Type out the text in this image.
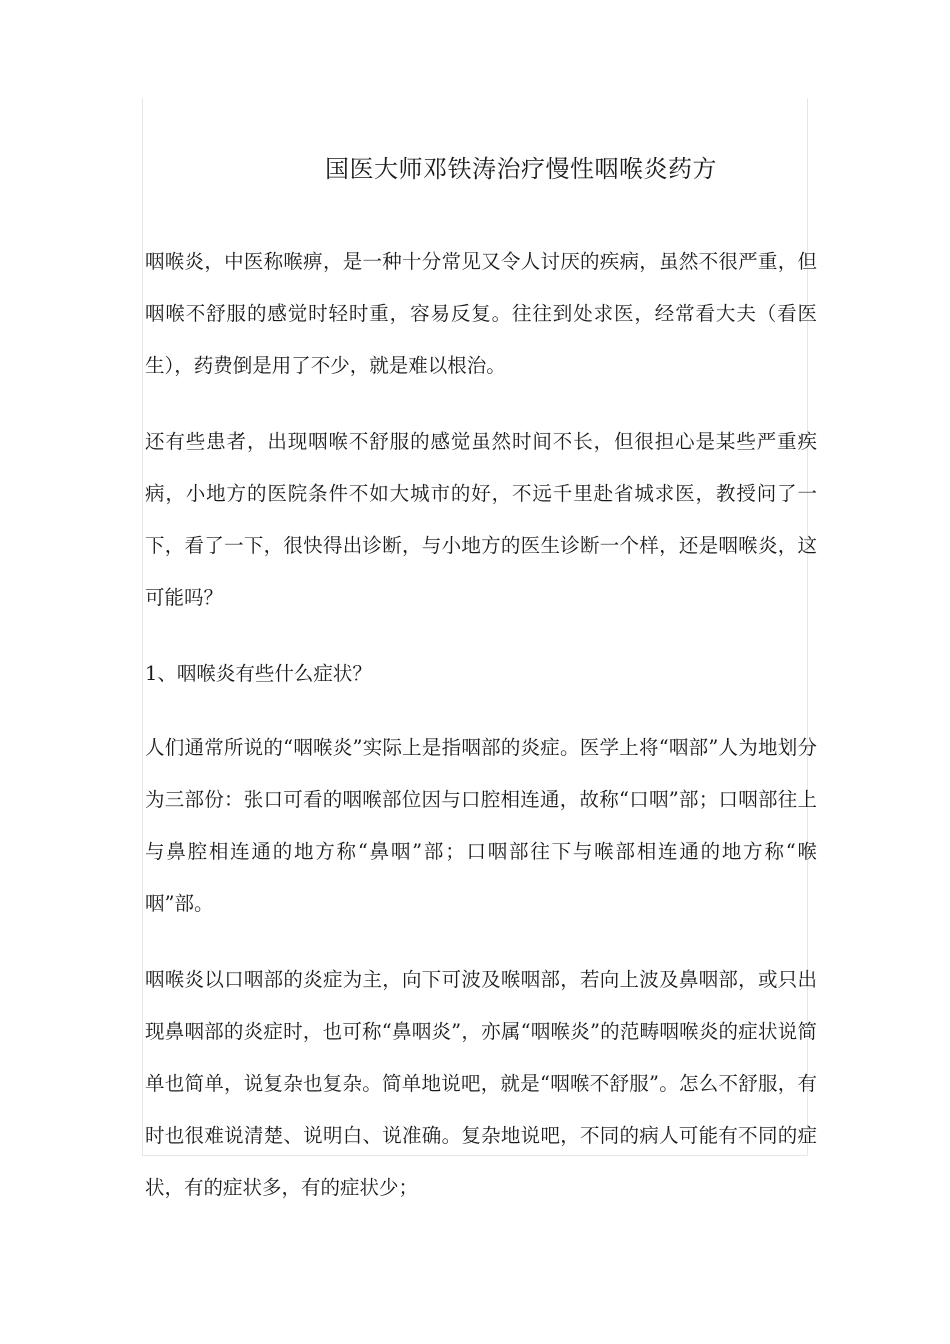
国医大师邓铁涛治疗慢性咽喉炎药方

咽喉炎，中医称喉痹，是一种十分常见又令人讨厌的疾病，虽然不很严重，但咽喉不舒服的感觉时轻时重，容易反复。往往到处求医，经常看大夫（看医生），药费倒是用了不少，就是难以根治。

还有些患者，出现咽喉不舒服的感觉虽然时间不长，但很担心是某些严重疾病，小地方的医院条件不如大城市的好，不远千里赴省城求医，教授问了一下，看了一下，很快得出诊断，与小地方的医生诊断一个样，还是咽喉炎，这可能吗？

1、咽喉炎有些什么症状？

人们通常所说的“咽喉炎”实际上是指咽部的炎症。医学上将“咽部”人为地划分为三部份：张口可看的咽喉部位因与口腔相连通，故称“口咽”部；口咽部往上与鼻腔相连通的地方称“鼻咽”部；口咽部往下与喉部相连通的地方称“喉咽”部。

咽喉炎以口咽部的炎症为主，向下可波及喉咽部，若向上波及鼻咽部，或只出现鼻咽部的炎症时，也可称“鼻咽炎”，亦属“咽喉炎”的范畴咽喉炎的症状说简单也简单，说复杂也复杂。简单地说吧，就是“咽喉不舒服”。怎么不舒服，有时也很难说清楚、说明白、说准确。复杂地说吧，不同的病人可能有不同的症状，有的症状多，有的症状少；
